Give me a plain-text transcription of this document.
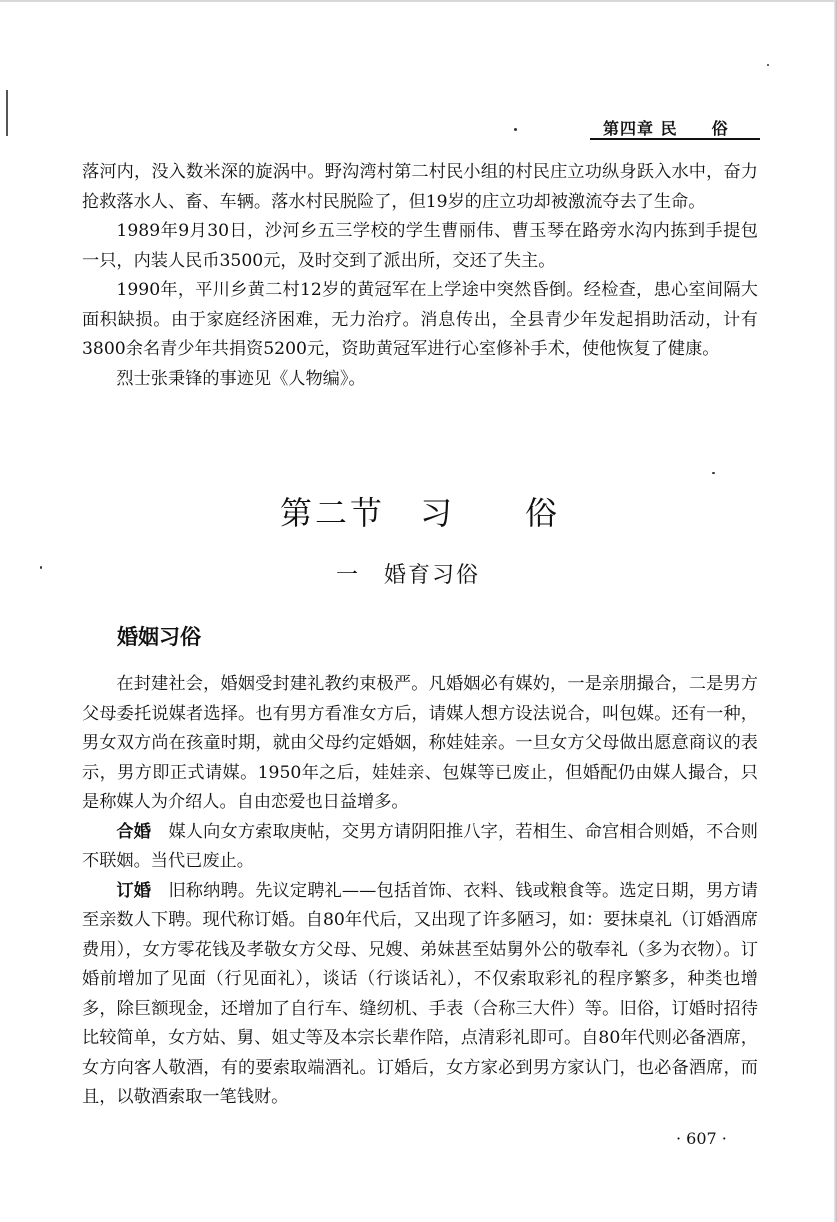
第四章 民　　俗

落河内，没入数米深的旋涡中。野沟湾村第二村民小组的村民庄立功纵身跃入水中，奋力抢救落水人、畜、车辆。落水村民脱险了，但19岁的庄立功却被激流夺去了生命。

1989年9月30日，沙河乡五三学校的学生曹丽伟、曹玉琴在路旁水沟内拣到手提包一只，内装人民币3500元，及时交到了派出所，交还了失主。

1990年，平川乡黄二村12岁的黄冠军在上学途中突然昏倒。经检查，患心室间隔大面积缺损。由于家庭经济困难，无力治疗。消息传出，全县青少年发起捐助活动，计有3800余名青少年共捐资5200元，资助黄冠军进行心室修补手术，使他恢复了健康。

烈士张秉锋的事迹见《人物编》。

第二节　习　　俗
一　婚育习俗
婚姻习俗

在封建社会，婚姻受封建礼教约束极严。凡婚姻必有媒妁，一是亲朋撮合，二是男方父母委托说媒者选择。也有男方看准女方后，请媒人想方设法说合，叫包媒。还有一种，男女双方尚在孩童时期，就由父母约定婚姻，称娃娃亲。一旦女方父母做出愿意商议的表示，男方即正式请媒。1950年之后，娃娃亲、包媒等已废止，但婚配仍由媒人撮合，只是称媒人为介绍人。自由恋爱也日益增多。

合婚　 媒人向女方索取庚帖，交男方请阴阳推八字，若相生、命宫相合则婚，不合则不联姻。当代已废止。

订婚　 旧称纳聘。先议定聘礼——包括首饰、衣料、钱或粮食等。选定日期，男方请至亲数人下聘。现代称订婚。自80年代后，又出现了许多陋习，如：要抹桌礼（订婚酒席费用），女方零花钱及孝敬女方父母、兄嫂、弟妹甚至姑舅外公的敬奉礼（多为衣物）。订婚前增加了见面（行见面礼），谈话（行谈话礼），不仅索取彩礼的程序繁多，种类也增多，除巨额现金，还增加了自行车、缝纫机、手表（合称三大件）等。旧俗，订婚时招待比较简单，女方姑、舅、姐丈等及本宗长辈作陪，点清彩礼即可。自80年代则必备酒席，女方向客人敬酒，有的要索取端酒礼。订婚后，女方家必到男方家认门，也必备酒席，而且，以敬酒索取一笔钱财。

· 607 ·
